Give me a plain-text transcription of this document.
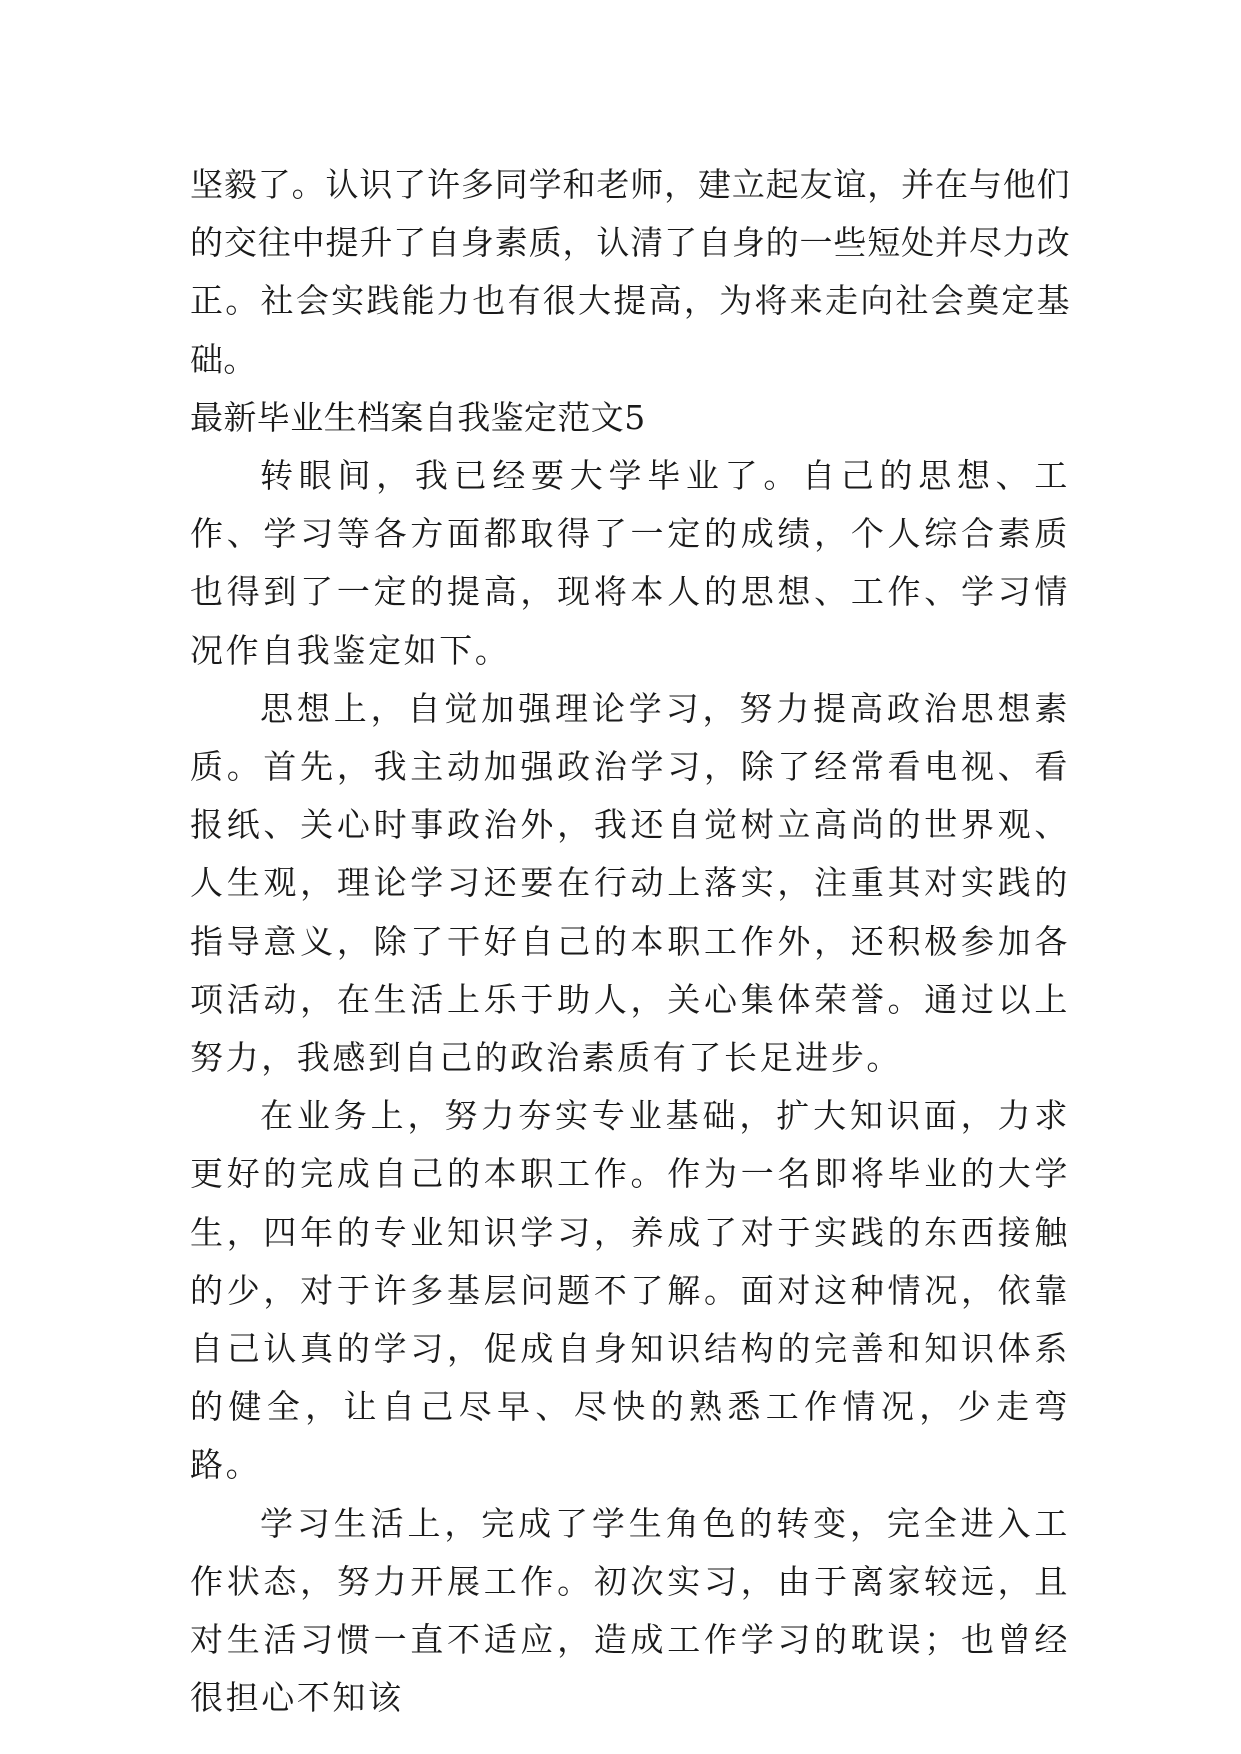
坚毅了。认识了许多同学和老师，建立起友谊，并在与他们的交往中提升了自身素质，认清了自身的一些短处并尽力改正。社会实践能力也有很大提高，为将来走向社会奠定基础。

最新毕业生档案自我鉴定范文5

转眼间，我已经要大学毕业了。自己的思想、工作、学习等各方面都取得了一定的成绩，个人综合素质也得到了一定的提高，现将本人的思想、工作、学习情况作自我鉴定如下。

思想上，自觉加强理论学习，努力提高政治思想素质。首先，我主动加强政治学习，除了经常看电视、看报纸、关心时事政治外，我还自觉树立高尚的世界观、人生观，理论学习还要在行动上落实，注重其对实践的指导意义，除了干好自己的本职工作外，还积极参加各项活动，在生活上乐于助人，关心集体荣誉。通过以上努力，我感到自己的政治素质有了长足进步。

在业务上，努力夯实专业基础，扩大知识面，力求更好的完成自己的本职工作。作为一名即将毕业的大学生，四年的专业知识学习，养成了对于实践的东西接触的少，对于许多基层问题不了解。面对这种情况，依靠自己认真的学习，促成自身知识结构的完善和知识体系的健全，让自己尽早、尽快的熟悉工作情况，少走弯路。

学习生活上，完成了学生角色的转变，完全进入工作状态，努力开展工作。初次实习，由于离家较远，且对生活习惯一直不适应，造成工作学习的耽误；也曾经很担心不知该
